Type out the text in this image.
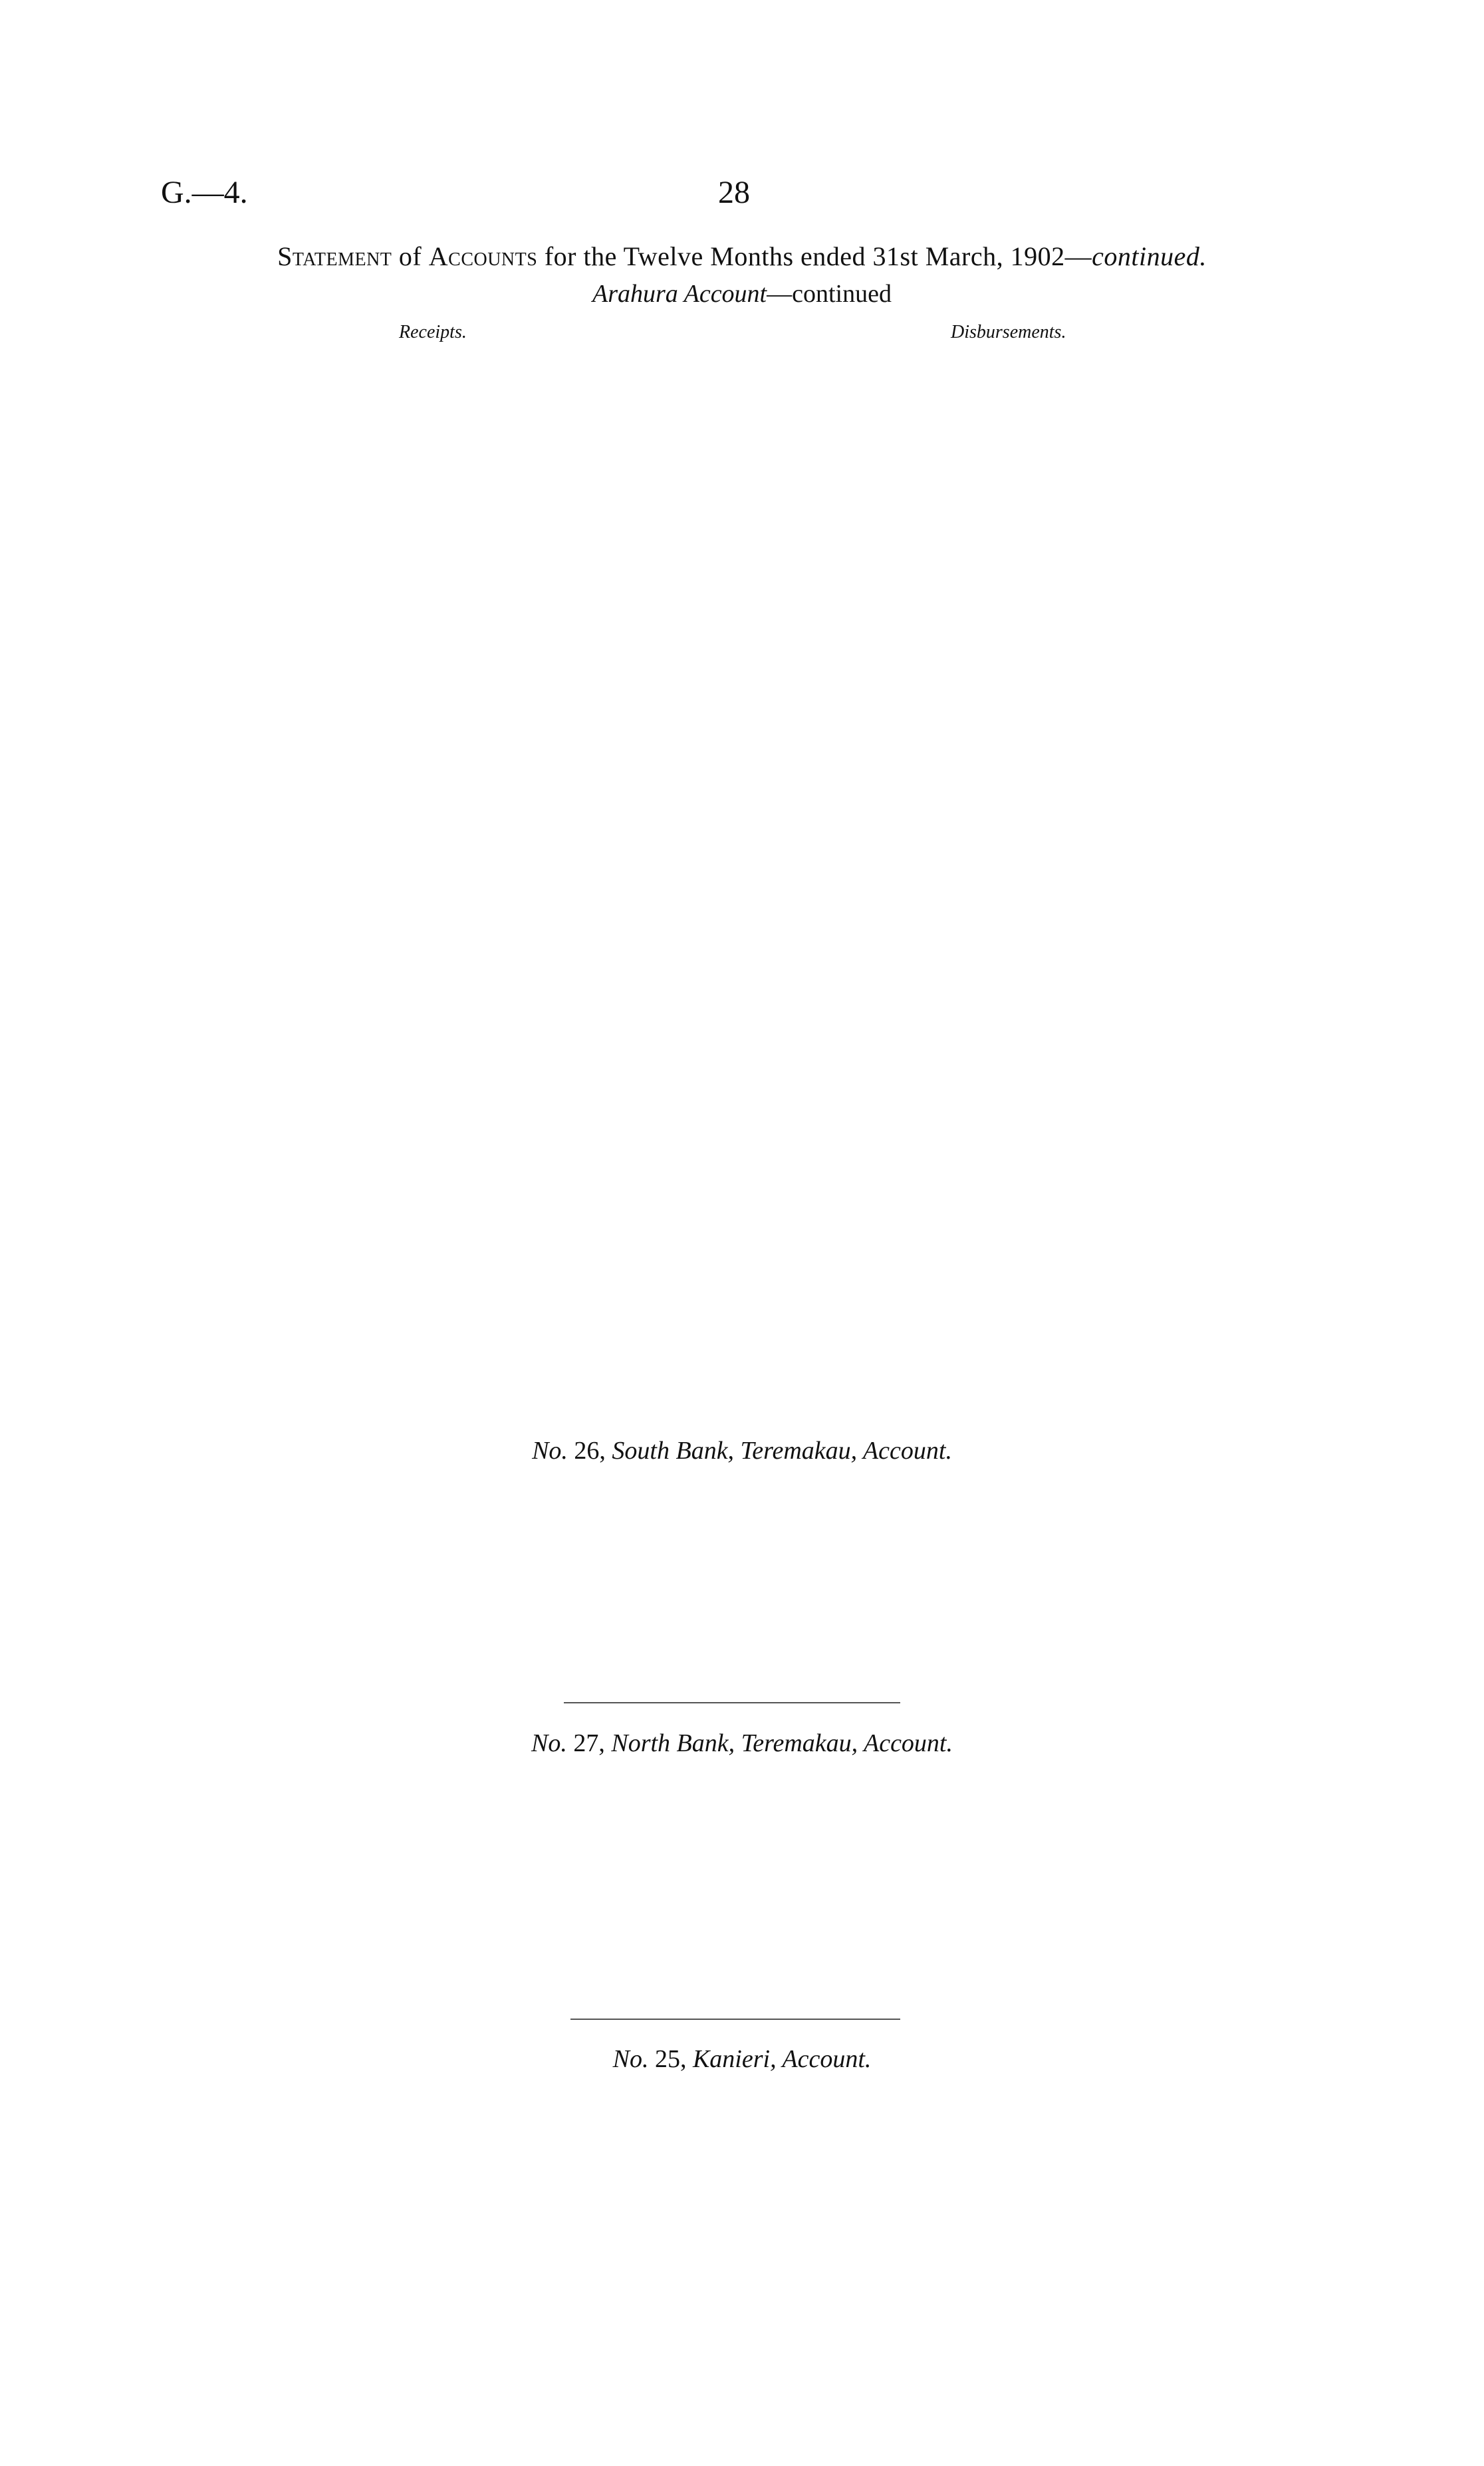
G.—4.	28
Statement of Accounts for the Twelve Months ended 31st March, 1902—continued.
Arahura Account—continued
Receipts.	Disbursements.
No. 26, South Bank, Teremakau, Account.
No. 27, North Bank, Teremakau, Account.
No. 25, Kanieri, Account.
